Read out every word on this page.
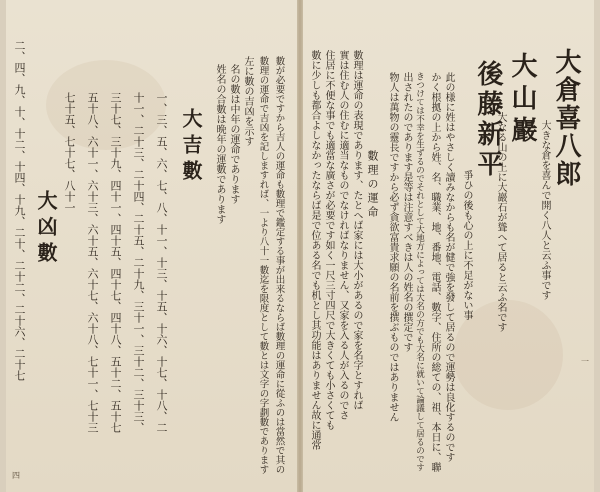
數が必要ですから吉人の運命も數理で鑑定する事が出来るならば數理の運命に從ふのは當然で其の
數理の運命で吉凶を記しますれば、一より八十一數迄を限度として數とは文字の字劃數であります
左に數の吉凶を示す
名の數は中年の運命であります
姓名の合數は晩年の運數であります
大吉數
一、三、五、六、七、八、十一、十三、十五、十六、十七、十八、二
十一、二十三、二十四、二十五、二十九、三十一、三十二、三十三、
三十七、三十九、四十一、四十五、四十七、四十八、五十二、五十七
五十八、六十一、六十三、六十五、六十七、六十八、七十一、七十三
七十五、七十七、八十一
大凶數
二、四、九、十、十二、十四、十九、二十、二十二、二十六、二十七
四
大倉喜八郎
大きな倉を喜んで開く八人と云ふ事です
大山巖
大なる山の上に大巖石が聳へて居ると云ふ名です
後藤新平
爭ひの後も心の上に不足がない事
此の様に姓はやさしく讀みなからも名が健で強を發して居るので運勢は良化するのです
かく根拠の上から姓、名、職業、地、番地、電話、數字、住所の総ての、祖、本日に、聯
きつけては不幸を生ずるのでそれとして大地方によっては大名の方でも大名に就いて論議して居るのです
出されたのであります是等は注意すべきは人の姓名の撰定です
物人は萬物の靈長ですから必ず貪欲富貴求願の名前を撰ぶものではありません
數理の運命
數理は運命の表現であります、たとへば家には大小があるので家を名字とすれば
實は住む人の住むに適当なものでなければなりません、又家を入る人が入るのでさ
住居に不便な事でも適當な廣さが必要です如く一尺三寸四尺で大きくても小さくても
數に少しも都合よしなかったならば是で位ある名でも机とし其功能はありません故に通常	一
